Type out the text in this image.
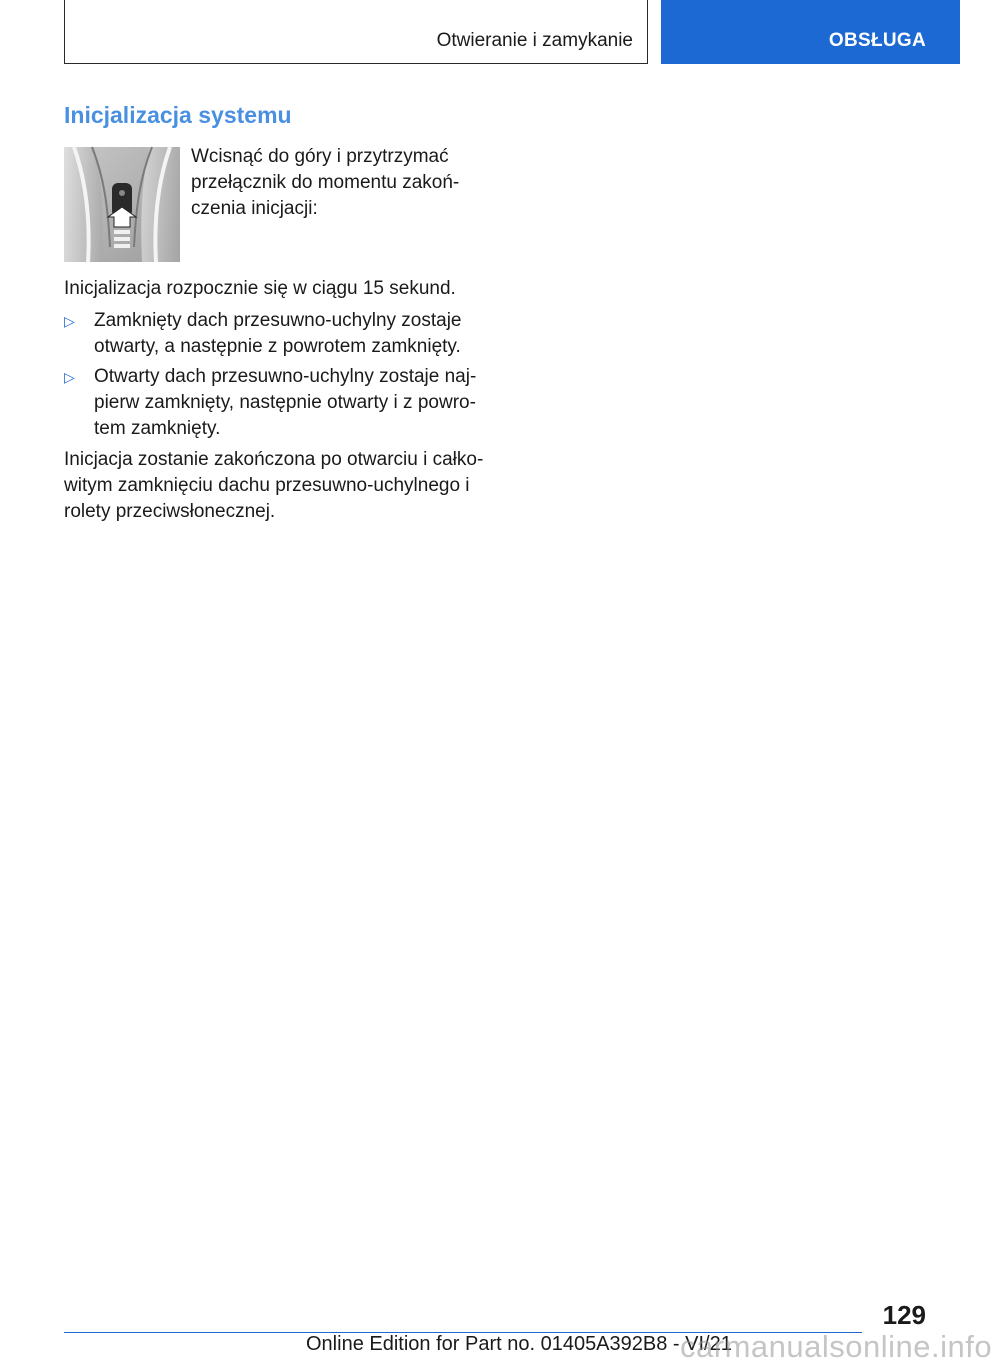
Otwieranie i zamykanie	OBSŁUGA
Inicjalizacja systemu

Wcisnąć do góry i przytrzymać przełącznik do momentu zakończenia inicjacji:

Inicjalizacja rozpocznie się w ciągu 15 sekund.

▷ Zamknięty dach przesuwno-uchylny zostaje otwarty, a następnie z powrotem zamknięty.

▷ Otwarty dach przesuwno-uchylny zostaje najpierw zamknięty, następnie otwarty i z powrotem zamknięty.

Inicjacja zostanie zakończona po otwarciu i całkowitym zamknięciu dachu przesuwno-uchylnego i rolety przeciwsłonecznej.

129
Online Edition for Part no. 01405A392B8 - VI/21
carmanualsonline.info
